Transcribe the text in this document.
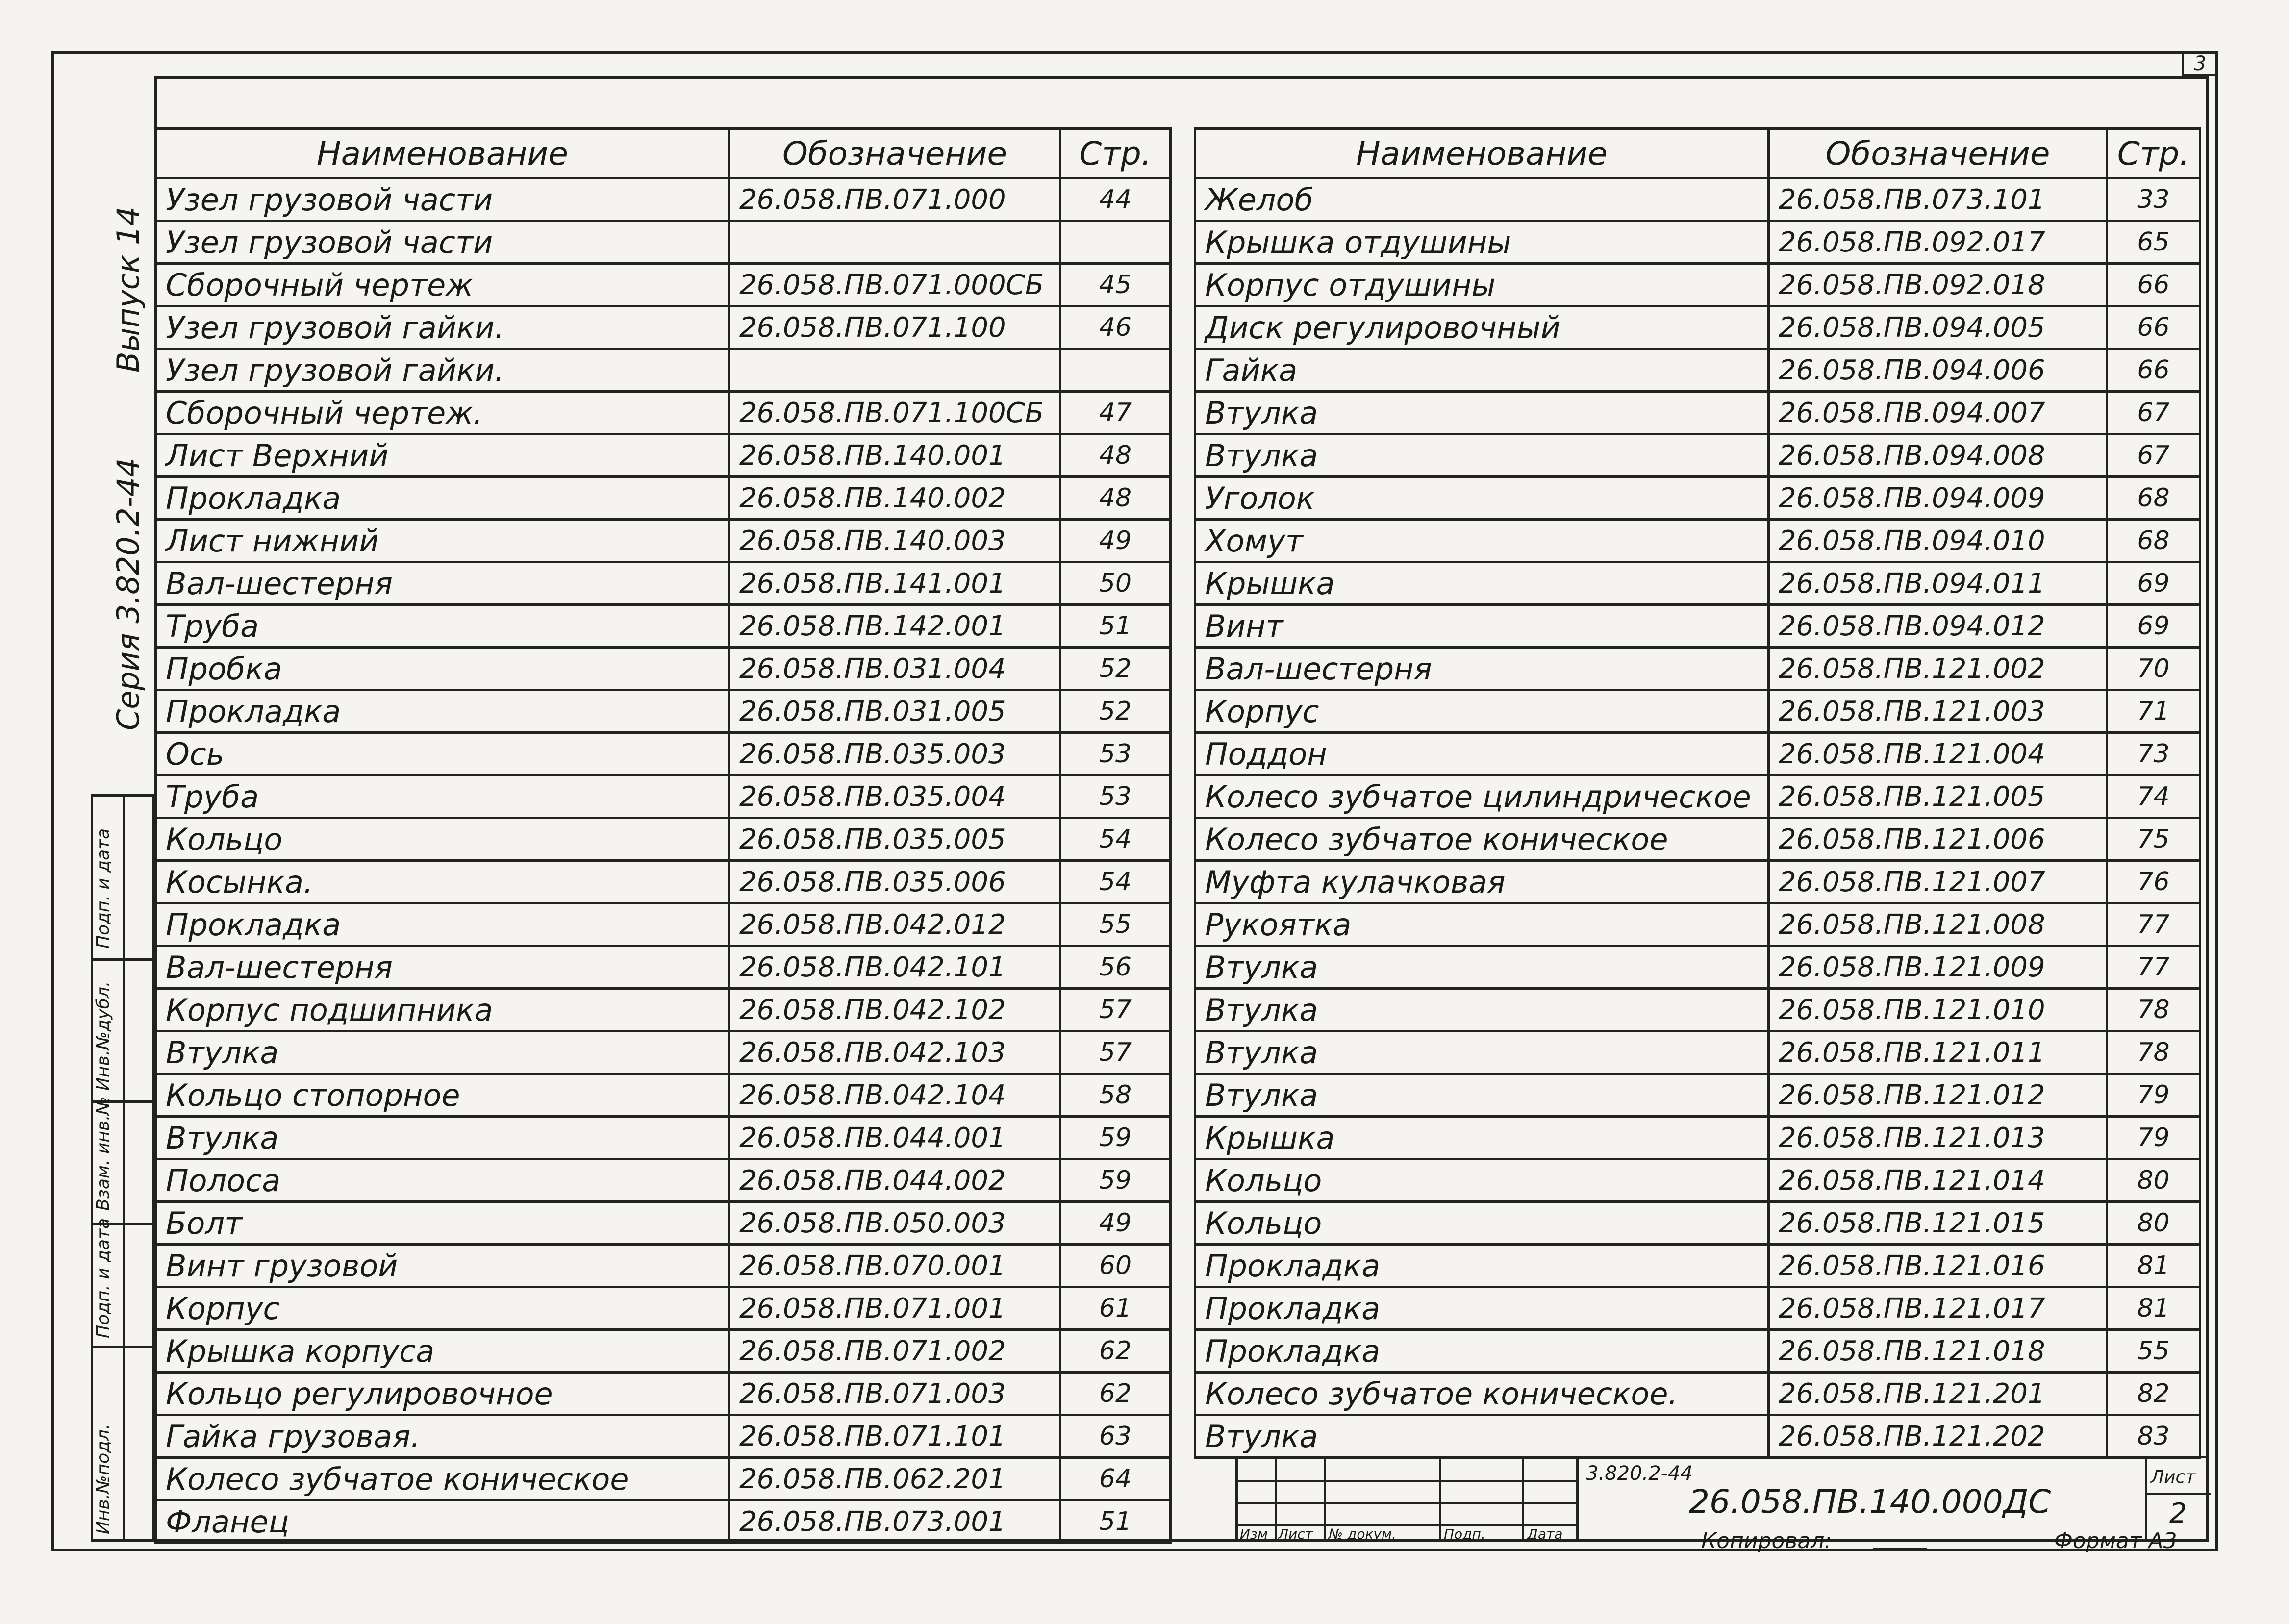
3
Выпуск 14
Серия 3.820.2-44
Инв.№подл.
Подп. и дата
Взам. инв.№
Инв.№дубл.
Подп. и дата
Наименование	Обозначение	Стр.
Узел грузовой части	26.058.ПВ.071.000	44
Узел грузовой части		
Сборочный чертеж	26.058.ПВ.071.000СБ	45
Узел грузовой гайки.	26.058.ПВ.071.100	46
Узел грузовой гайки.		
Сборочный чертеж.	26.058.ПВ.071.100СБ	47
Лист Верхний	26.058.ПВ.140.001	48
Прокладка	26.058.ПВ.140.002	48
Лист нижний	26.058.ПВ.140.003	49
Вал-шестерня	26.058.ПВ.141.001	50
Труба	26.058.ПВ.142.001	51
Пробка	26.058.ПВ.031.004	52
Прокладка	26.058.ПВ.031.005	52
Ось	26.058.ПВ.035.003	53
Труба	26.058.ПВ.035.004	53
Кольцо	26.058.ПВ.035.005	54
Косынка.	26.058.ПВ.035.006	54
Прокладка	26.058.ПВ.042.012	55
Вал-шестерня	26.058.ПВ.042.101	56
Корпус подшипника	26.058.ПВ.042.102	57
Втулка	26.058.ПВ.042.103	57
Кольцо стопорное	26.058.ПВ.042.104	58
Втулка	26.058.ПВ.044.001	59
Полоса	26.058.ПВ.044.002	59
Болт	26.058.ПВ.050.003	49
Винт грузовой	26.058.ПВ.070.001	60
Корпус	26.058.ПВ.071.001	61
Крышка корпуса	26.058.ПВ.071.002	62
Кольцо регулировочное	26.058.ПВ.071.003	62
Гайка грузовая.	26.058.ПВ.071.101	63
Колесо зубчатое коническое	26.058.ПВ.062.201	64
Фланец	26.058.ПВ.073.001	51
Наименование	Обозначение	Стр.
Желоб	26.058.ПВ.073.101	33
Крышка отдушины	26.058.ПВ.092.017	65
Корпус отдушины	26.058.ПВ.092.018	66
Диск регулировочный	26.058.ПВ.094.005	66
Гайка	26.058.ПВ.094.006	66
Втулка	26.058.ПВ.094.007	67
Втулка	26.058.ПВ.094.008	67
Уголок	26.058.ПВ.094.009	68
Хомут	26.058.ПВ.094.010	68
Крышка	26.058.ПВ.094.011	69
Винт	26.058.ПВ.094.012	69
Вал-шестерня	26.058.ПВ.121.002	70
Корпус	26.058.ПВ.121.003	71
Поддон	26.058.ПВ.121.004	73
Колесо зубчатое цилиндрическое	26.058.ПВ.121.005	74
Колесо зубчатое коническое	26.058.ПВ.121.006	75
Муфта кулачковая	26.058.ПВ.121.007	76
Рукоятка	26.058.ПВ.121.008	77
Втулка	26.058.ПВ.121.009	77
Втулка	26.058.ПВ.121.010	78
Втулка	26.058.ПВ.121.011	78
Втулка	26.058.ПВ.121.012	79
Крышка	26.058.ПВ.121.013	79
Кольцо	26.058.ПВ.121.014	80
Кольцо	26.058.ПВ.121.015	80
Прокладка	26.058.ПВ.121.016	81
Прокладка	26.058.ПВ.121.017	81
Прокладка	26.058.ПВ.121.018	55
Колесо зубчатое коническое.	26.058.ПВ.121.201	82
Втулка	26.058.ПВ.121.202	83
Изм Лист № докум.	Подп.	Дата
3.820.2-44
26.058.ПВ.140.000ДС
Лист
2
Копировал:	Формат А3
